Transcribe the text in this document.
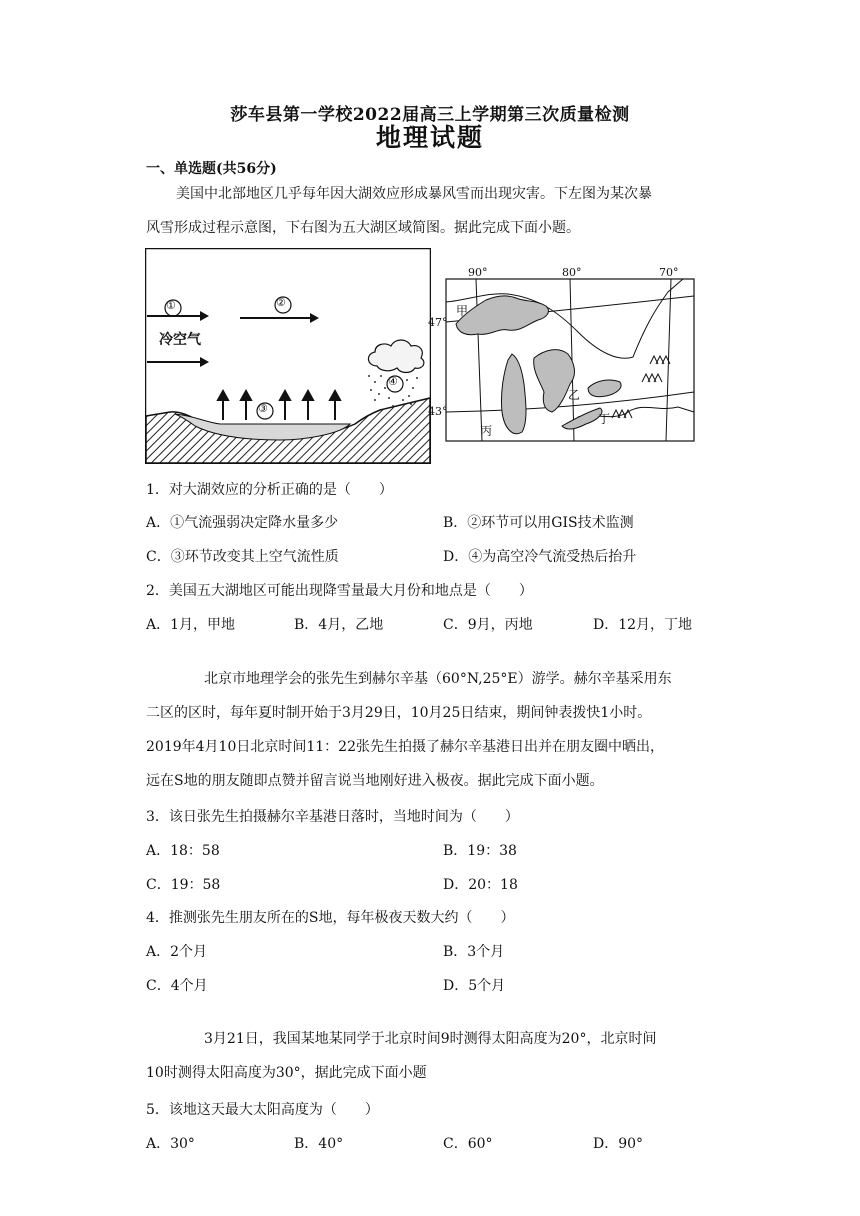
莎车县第一学校2022届高三上学期第三次质量检测
地理试题
一、单选题(共56分)
美国中北部地区几乎每年因大湖效应形成暴风雪而出现灾害。下左图为某次暴
风雪形成过程示意图，下右图为五大湖区域简图。据此完成下面小题。
①	②
③
④
冷空气
90°	80°	70°
47°
43°
甲
乙
丙
丁
1．对大湖效应的分析正确的是（　　）
A．①气流强弱决定降水量多少	B．②环节可以用GIS技术监测
C．③环节改变其上空气流性质	D．④为高空冷气流受热后抬升
2．美国五大湖地区可能出现降雪量最大月份和地点是（　　）
A．1月，甲地	B．4月，乙地	C．9月，丙地	D．12月，丁地
北京市地理学会的张先生到赫尔辛基（60°N,25°E）游学。赫尔辛基采用东
二区的区时，每年夏时制开始于3月29日，10月25日结束，期间钟表拨快1小时。
2019年4月10日北京时间11：22张先生拍摄了赫尔辛基港日出并在朋友圈中晒出，
远在S地的朋友随即点赞并留言说当地刚好进入极夜。据此完成下面小题。
3．该日张先生拍摄赫尔辛基港日落时，当地时间为（　　）
A．18：58	B．19：38
C．19：58	D．20：18
4．推测张先生朋友所在的S地，每年极夜天数大约（　　）
A．2个月	B．3个月
C．4个月	D．5个月
3月21日，我国某地某同学于北京时间9时测得太阳高度为20°，北京时间
10时测得太阳高度为30°，据此完成下面小题
5．该地这天最大太阳高度为（　　）
A．30°	B．40°	C．60°	D．90°
